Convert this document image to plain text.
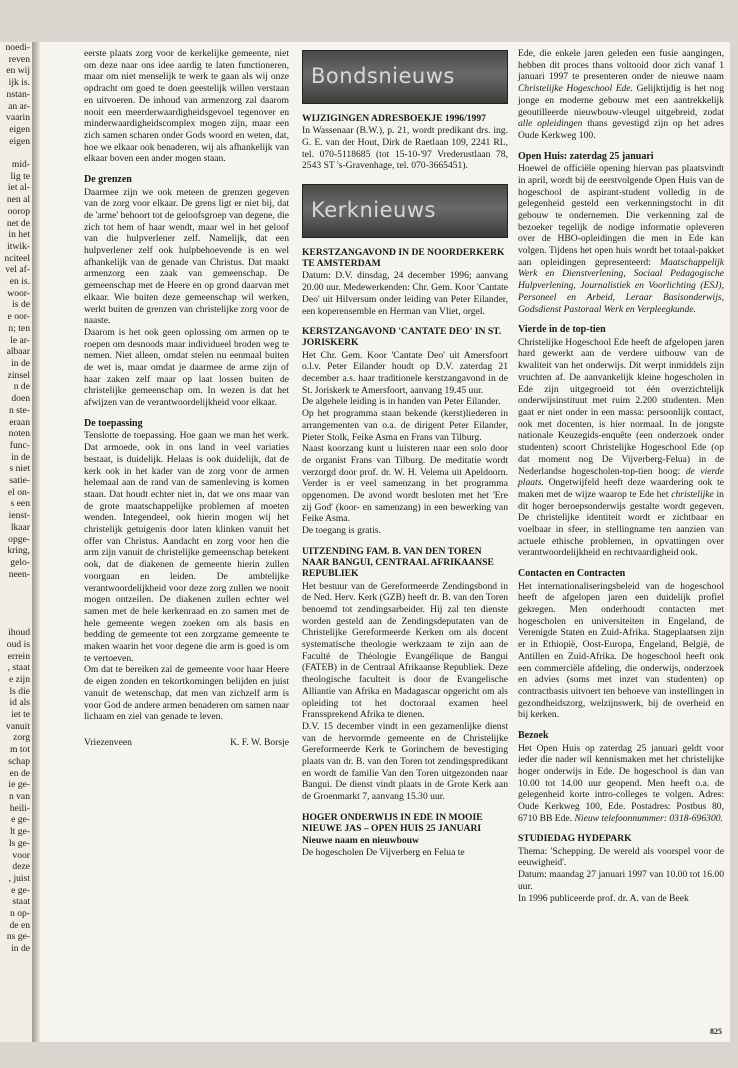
noedi-
reven
en wij
ijk is.
nstan-
an ar-
vaarin
eigen
eigen

mid-
lig te
iet al-
nen al
oorop
net de
in het
itwik-
nciteel
vel af-
en is.
woor-
is de
e oor-
n; ten
le ar-
albaar
in de
zinsel
n de
doen
n ste-
eraan
noten
func-
in de
s niet
satie-
el on-
s een
ienst-
lkaar
opge-
kring,
gelo-
neen-

ihoud
oud is
errein
, staat
e zijn
ls die
id als
iet te
vanuit
zorg
m tot
schap
en de
ie ge-
n van
heili-
e ge-
lt ge-
ls ge-
voor
deze
, juist
e ge-
staat
n op-
de en
ns ge-
in de

eerste plaats zorg voor de kerkelijke gemeente, niet om deze naar ons idee aardig te laten functioneren, maar om niet menselijk te werk te gaan als wij onze opdracht om goed te doen geestelijk willen verstaan en uitvoeren. De inhoud van armenzorg zal daarom nooit een meerderwaardigheidsgevoel tegenover en minderwaardigheidscomplex mogen zijn, maar een zich samen scharen onder Gods woord en weten, dat, hoe we elkaar ook benaderen, wij als afhankelijk van elkaar boven een ander mogen staan.

De grenzen

Daarmee zijn we ook meteen de grenzen gegeven van de zorg voor elkaar. De grens ligt er niet bij, dat de 'arme' behoort tot de geloofsgroep van degene, die zich tot hem of haar wendt, maar wel in het geloof van die hulpverlener zelf. Namelijk, dat een hulpverlener zelf ook hulpbehoevende is en wel afhankelijk van de genade van Christus. Dat maakt armenzorg een zaak van gemeenschap. De gemeenschap met de Heere en op grond daarvan met elkaar. Wie buiten deze gemeenschap wil werken, werkt buiten de grenzen van christelijke zorg voor de naaste.

Daarom is het ook geen oplossing om armen op te roepen om desnoods maar individueel broden weg te nemen. Niet alleen, omdat stelen nu eenmaal buiten de wet is, maar omdat je daarmee de arme zijn of haar zaken zelf maar op laat lossen buiten de christelijke gemeenschap om. In wezen is dat het afwijzen van de verantwoordelijkheid voor elkaar.

De toepassing

Tenslotte de toepassing. Hoe gaan we man het werk. Dat armoede, ook in ons land in veel variaties bestaat, is duidelijk. Helaas is ook duidelijk, dat de kerk ook in het kader van de zorg voor de armen helemaal aan de rand van de samenleving is komen staan. Dat houdt echter niet in, dat we ons maar van de grote maatschappelijke problemen af moeten wenden. Integendeel, ook hierin mogen wij het christelijk getuigenis door laten klinken vanuit het offer van Christus. Aandacht en zorg voor hen die arm zijn vanuit de christelijke gemeenschap betekent ook, dat de diakenen de gemeente hierin zullen voorgaan en leiden. De ambtelijke verantwoordelijkheid voor deze zorg zullen we nooit mogen ontzeilen. De diakenen zullen echter wel samen met de hele kerkenraad en zo samen met de hele gemeente wegen zoeken om als basis en bedding de gemeente tot een zorgzame gemeente te maken waarin het voor degene die arm is goed is om te vertoeven.

Om dat te bereiken zal de gemeente voor haar Heere de eigen zonden en tekortkomingen belijden en juist vanuit de wetenschap, dat men van zichzelf arm is voor God de andere armen benaderen om samen naar lichaam en ziel van genade te leven.

Vriezenveen	K. F. W. Borsje
Bondsnieuws
WIJZIGINGEN ADRESBOEKJE 1996/1997

In Wassenaar (B.W.), p. 21, wordt predikant drs. ing. G. E. van der Hout, Dirk de Raetlaan 109, 2241 RL, tel. 070-5118685 (tot 15-10-'97 Vrederustlaan 78, 2543 ST 's-Gravenhage, tel. 070-3665451).

Kerknieuws
KERSTZANGAVOND IN DE NOORDERKERK TE AMSTERDAM

Datum: D.V. dinsdag, 24 december 1996; aanvang 20.00 uur. Medewerkenden: Chr. Gem. Koor 'Cantate Deo' uit Hilversum onder leiding van Peter Eilander, een koperensemble en Herman van Vliet, orgel.

KERSTZANGAVOND 'CANTATE DEO' IN ST. JORISKERK

Het Chr. Gem. Koor 'Cantate Deo' uit Amersfoort o.l.v. Peter Eilander houdt op D.V. zaterdag 21 december a.s. haar traditionele kerstzangavond in de St. Joriskerk te Amersfoort, aanvang 19.45 uur.

De algehele leiding is in handen van Peter Eilander.

Op het programma staan bekende (kerst)liederen in arrangementen van o.a. de dirigent Peter Eilander, Pieter Stolk, Feike Asma en Frans van Tilburg.

Naast koorzang kunt u luisteren naar een solo door de organist Frans van Tilburg. De meditatie wordt verzorgd door prof. dr. W. H. Velema uit Apeldoorn. Verder is er veel samenzang in het programma opgenomen. De avond wordt besloten met het 'Ere zij God' (koor- en samenzang) in een bewerking van Feike Asma.

De toegang is gratis.

UITZENDING FAM. B. VAN DEN TOREN NAAR BANGUI, CENTRAAL AFRIKAANSE REPUBLIEK

Het bestuur van de Gereformeerde Zendingsbond in de Ned. Herv. Kerk (GZB) heeft dr. B. van den Toren benoemd tot zendingsarbeider. Hij zal ten dienste worden gesteld aan de Zendingsdeputaten van de Christelijke Gereformeerde Kerken om als docent systematische theologie werkzaam te zijn aan de Faculté de Théologie Evangélique de Bangui (FATEB) in de Centraal Afrikaanse Republiek. Deze theologische faculteit is door de Evangelische Alliantie van Afrika en Madagascar opgericht om als opleiding tot het doctoraal examen heel Franssprekend Afrika te dienen.

D.V. 15 december vindt in een gezamenlijke dienst van de hervormde gemeente en de Christelijke Gereformeerde Kerk te Gorinchem de bevestiging plaats van dr. B. van den Toren tot zendingspredikant en wordt de familie Van den Toren uitgezonden naar Bangui. De dienst vindt plaats in de Grote Kerk aan de Groenmarkt 7, aanvang 15.30 uur.

HOGER ONDERWIJS IN EDE IN MOOIE NIEUWE JAS – OPEN HUIS 25 JANUARI

Nieuwe naam en nieuwbouw

De hogescholen De Vijverberg en Felua te

Ede, die enkele jaren geleden een fusie aangingen, hebben dit proces thans voltooid door zich vanaf 1 januari 1997 te presenteren onder de nieuwe naam Christelijke Hogeschool Ede. Gelijktijdig is het nog jonge en moderne gebouw met een aantrekkelijk geoutilleerde nieuwbouw-vleugel uitgebreid, zodat alle opleidingen thans gevestigd zijn op het adres Oude Kerkweg 100.

Open Huis: zaterdag 25 januari

Hoewel de officiële opening hiervan pas plaatsvindt in april, wordt bij de eerstvolgende Open Huis van de hogeschool de aspirant-student volledig in de gelegenheid gesteld een verkenningstocht in dit gebouw te ondernemen. Die verkenning zal de bezoeker tegelijk de nodige informatie opleveren over de HBO-opleidingen die men in Ede kan volgen. Tijdens het open huis wordt het totaal-pakket aan opleidingen gepresenteerd: Maatschappelijk Werk en Dienstverlening, Sociaal Pedagogische Hulpverlening, Journalistiek en Voorlichting (ESJ), Personeel en Arbeid, Leraar Basisonderwijs, Godsdienst Pastoraal Werk en Verpleegkunde.

Vierde in de top-tien

Christelijke Hogeschool Ede heeft de afgelopen jaren hard gewerkt aan de verdere uitbouw van de kwaliteit van het onderwijs. Dit werpt inmiddels zijn vruchten af. De aanvankelijk kleine hogescholen in Ede zijn uitgegroeid tot één overzichtelijk onderwijsinstituut met ruim 2.200 studenten. Men gaat er niet onder in een massa: persoonlijk contact, ook met docenten, is hier normaal. In de jongste nationale Keuzegids-enquête (een onderzoek onder studenten) scoort Christelijke Hogeschool Ede (op dat moment nog De Vijverberg-Felua) in de Nederlandse hogescholen-top-tien hoog: de vierde plaats. Ongetwijfeld heeft deze waardering ook te maken met de wijze waarop te Ede het christelijke in dit hoger beroepsonderwijs gestalte wordt gegeven. De christelijke identiteit wordt er zichtbaar en voelbaar in sfeer, in stellingname ten aanzien van actuele ethische problemen, in opvattingen over verantwoordelijkheid en rechtvaardigheid ook.

Contacten en Contracten

Het internationaliseringsbeleid van de hogeschool heeft de afgelopen jaren een duidelijk profiel gekregen. Men onderhoudt contacten met hogescholen en universiteiten in Engeland, de Verenigde Staten en Zuid-Afrika. Stageplaatsen zijn er in Ethiopië, Oost-Europa, Engeland, België, de Antillen en Zuid-Afrika. De hogeschool heeft ook een commerciële afdeling, die onderwijs, onderzoek en advies (soms met inzet van studenten) op contractbasis uitvoert ten behoeve van instellingen in gezondheidszorg, welzijnswerk, bij de overheid en bij kerken.

Bezoek

Het Open Huis op zaterdag 25 januari geldt voor ieder die nader wil kennismaken met het christelijke hoger onderwijs in Ede. De hogeschool is dan van 10.00 tot 14.00 uur geopend. Men heeft o.a. de gelegenheid korte intro-colleges te volgen. Adres: Oude Kerkweg 100, Ede. Postadres: Postbus 80, 6710 BB Ede. Nieuw telefoonnummer: 0318-696300.

STUDIEDAG HYDEPARK

Thema: 'Schepping. De wereld als voorspel voor de eeuwigheid'.

Datum: maandag 27 januari 1997 van 10.00 tot 16.00 uur.

In 1996 publiceerde prof. dr. A. van de Beek

825
